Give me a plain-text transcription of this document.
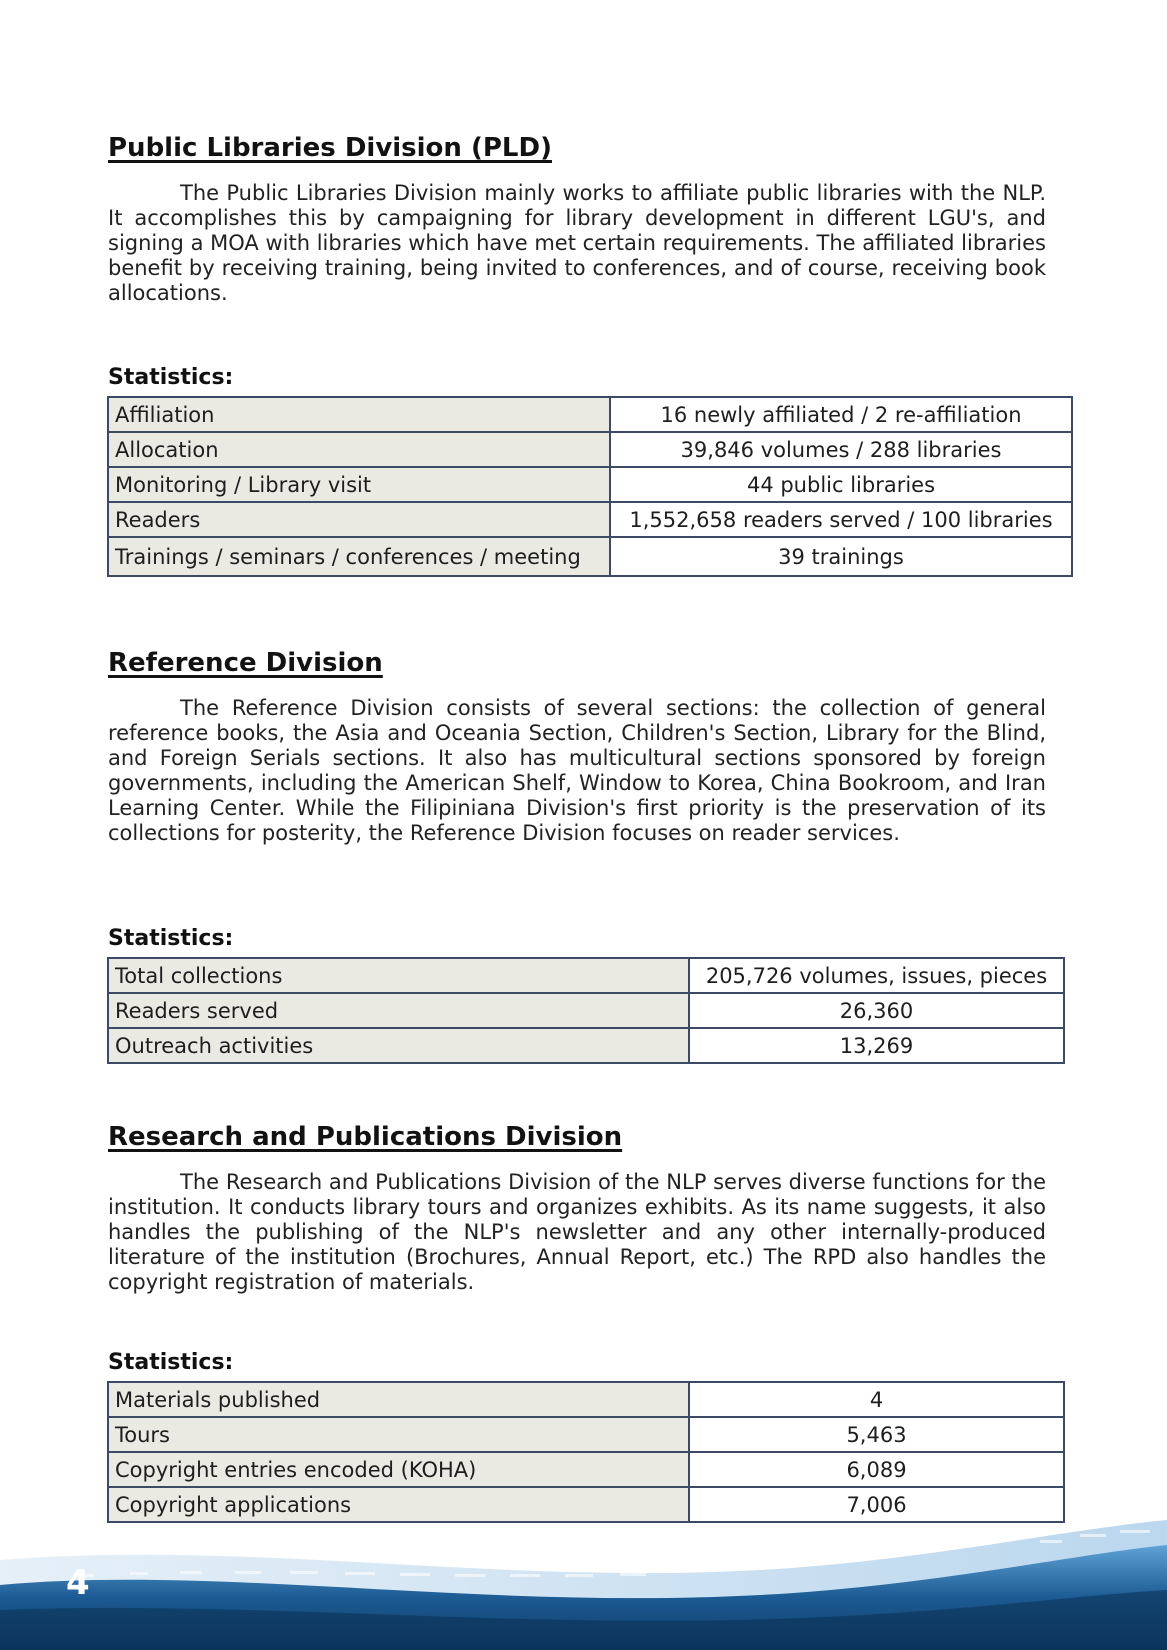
Public Libraries Division (PLD)

The Public Libraries Division mainly works to affiliate public libraries with the NLP. It accomplishes this by campaigning for library development in different LGU's, and signing a MOA with libraries which have met certain requirements. The affiliated libraries benefit by receiving training, being invited to conferences, and of course, receiving book allocations.

Statistics:

Affiliation	16 newly affiliated / 2 re-affiliation
Allocation	39,846 volumes / 288 libraries
Monitoring / Library visit	44 public libraries
Readers	1,552,658 readers served / 100 libraries
Trainings / seminars / conferences / meeting	39 trainings
Reference Division

The Reference Division consists of several sections: the collection of general reference books, the Asia and Oceania Section, Children's Section, Library for the Blind, and Foreign Serials sections. It also has multicultural sections sponsored by foreign governments, including the American Shelf, Window to Korea, China Bookroom, and Iran Learning Center. While the Filipiniana Division's first priority is the preservation of its collections for posterity, the Reference Division focuses on reader services.

Statistics:

Total collections	205,726 volumes, issues, pieces
Readers served	26,360
Outreach activities	13,269
Research and Publications Division

The Research and Publications Division of the NLP serves diverse functions for the institution. It conducts library tours and organizes exhibits. As its name suggests, it also handles the publishing of the NLP's newsletter and any other internally-produced literature of the institution (Brochures, Annual Report, etc.) The RPD also handles the copyright registration of materials.

Statistics:

Materials published	4
Tours	5,463
Copyright entries encoded (KOHA)	6,089
Copyright applications	7,006
4
